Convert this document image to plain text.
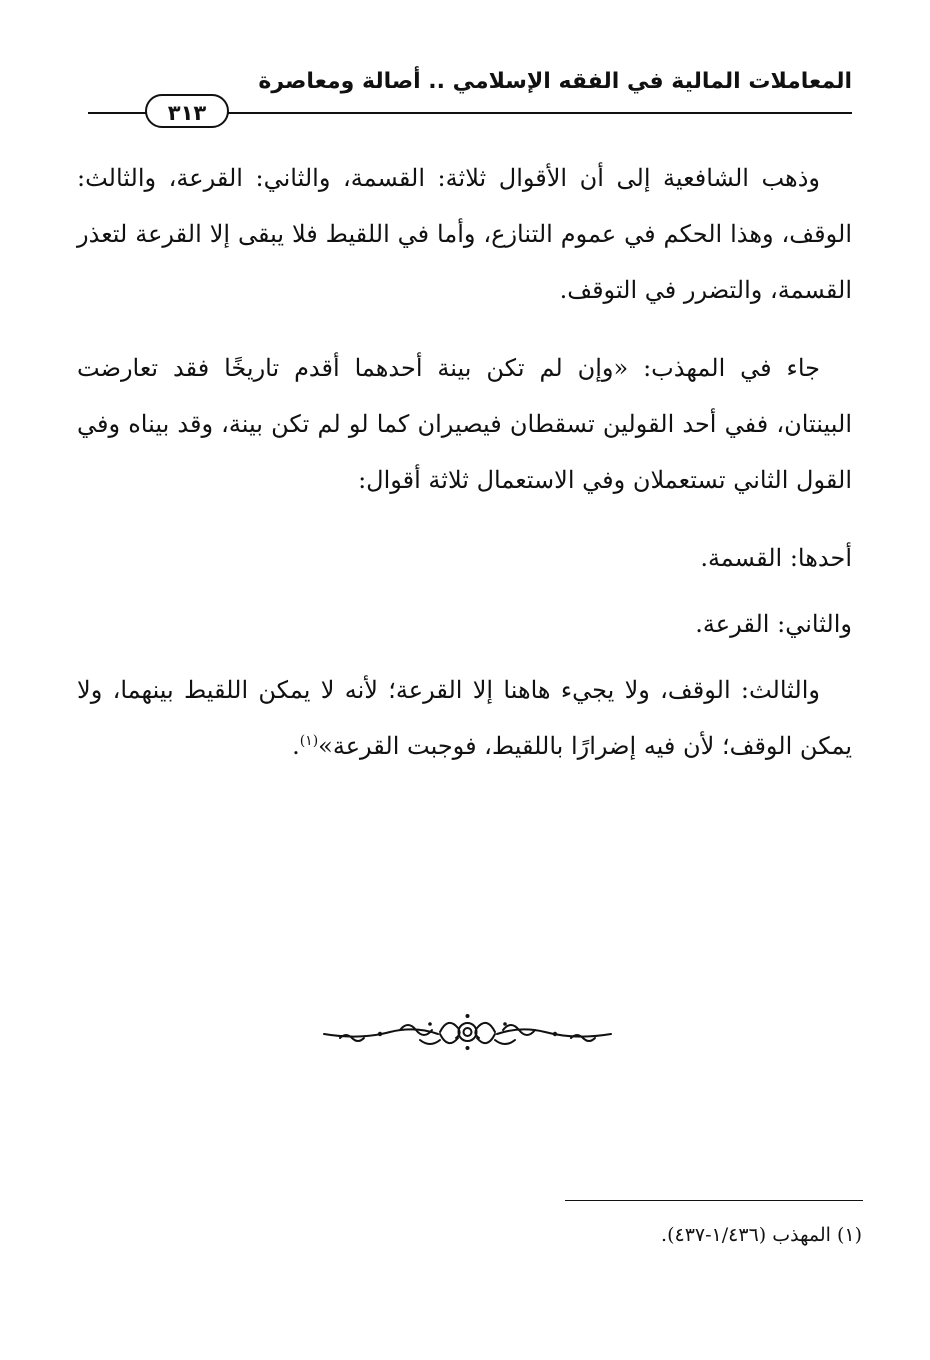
المعاملات المالية في الفقه الإسلامي .. أصالة ومعاصرة
٣١٣

وذهب الشافعية إلى أن الأقوال ثلاثة: القسمة، والثاني: القرعة، والثالث: الوقف، وهذا الحكم في عموم التنازع، وأما في اللقيط فلا يبقى إلا القرعة لتعذر القسمة، والتضرر في التوقف.

جاء في المهذب: «وإن لم تكن بينة أحدهما أقدم تاريخًا فقد تعارضت البينتان، ففي أحد القولين تسقطان فيصيران كما لو لم تكن بينة، وقد بيناه وفي القول الثاني تستعملان وفي الاستعمال ثلاثة أقوال:

أحدها: القسمة.

والثاني: القرعة.

والثالث: الوقف، ولا يجيء هاهنا إلا القرعة؛ لأنه لا يمكن اللقيط بينهما، ولا يمكن الوقف؛ لأن فيه إضرارًا باللقيط، فوجبت القرعة»$^{(١)}$.

(١) المهذب (١/٤٣٦-٤٣٧).
